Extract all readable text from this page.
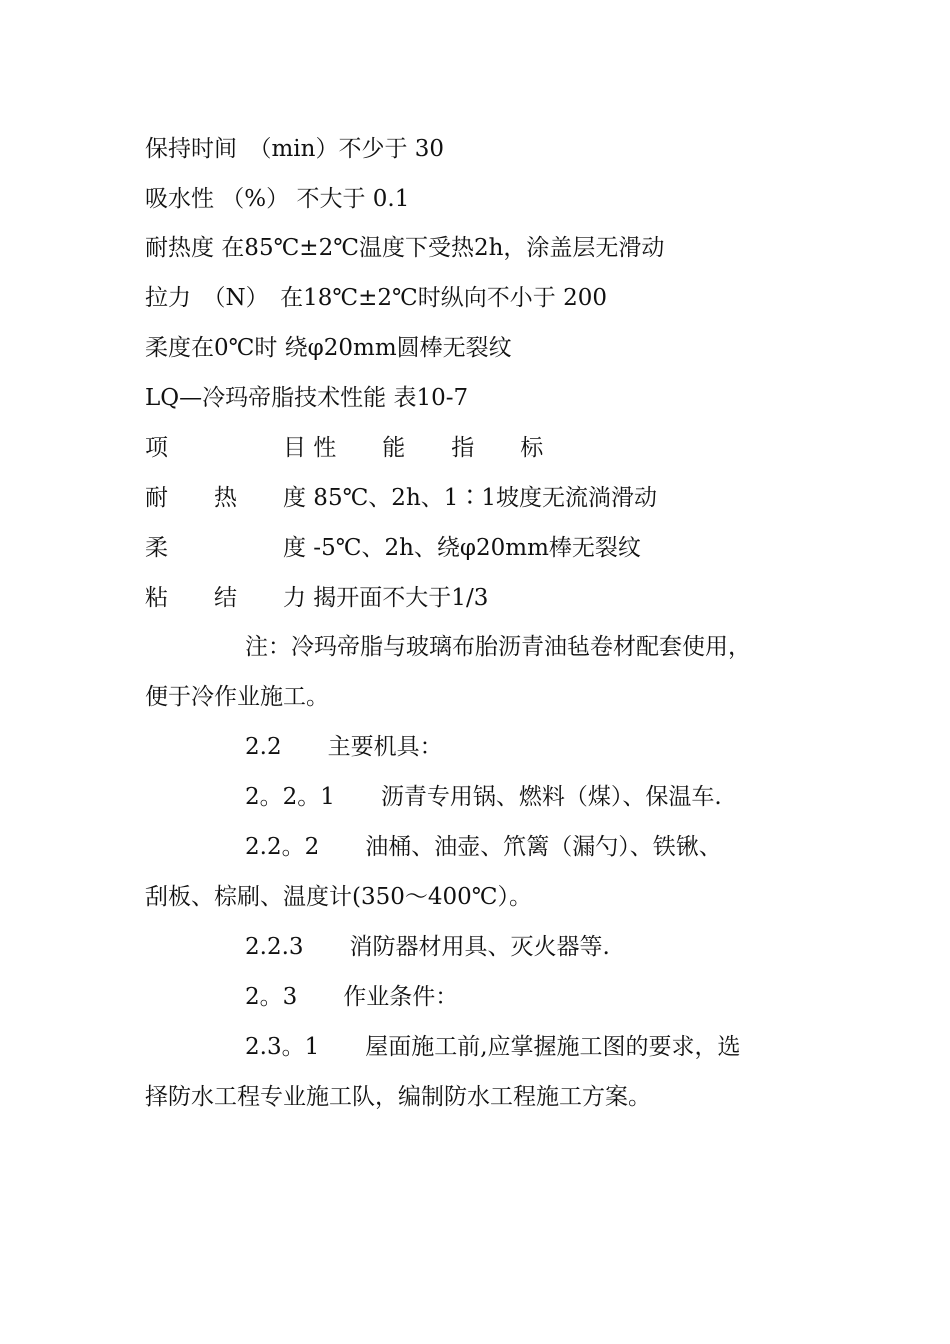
保持时间　（min）不少于 30
吸水性 （%） 不大于 0.1
耐热度 在85℃±2℃温度下受热2h，涂盖层无滑动
拉力　（N）　在18℃±2℃时纵向不小于 200
柔度在0℃时 绕φ20mm圆棒无裂纹
LQ—冷玛帝脂技术性能 表10-7
项　　　　　目 性　　能　　指　　标
耐　　热　　度 85℃、2h、1∶1坡度无流淌滑动
柔　　　　　度 -5℃、2h、绕φ20mm棒无裂纹
粘　　结　　力 揭开面不大于1/3
注：冷玛帝脂与玻璃布胎沥青油毡卷材配套使用，
便于冷作业施工。
2.2　　主要机具：
2。2。1　　沥青专用锅、燃料（煤）、保温车.
2.2。2　　油桶、油壶、笊篱（漏勺）、铁锹、
刮板、棕刷、温度计(350～400℃）。
2.2.3　　消防器材用具、灭火器等.
2。3　　作业条件：
2.3。1　　屋面施工前,应掌握施工图的要求，选
择防水工程专业施工队，编制防水工程施工方案。
